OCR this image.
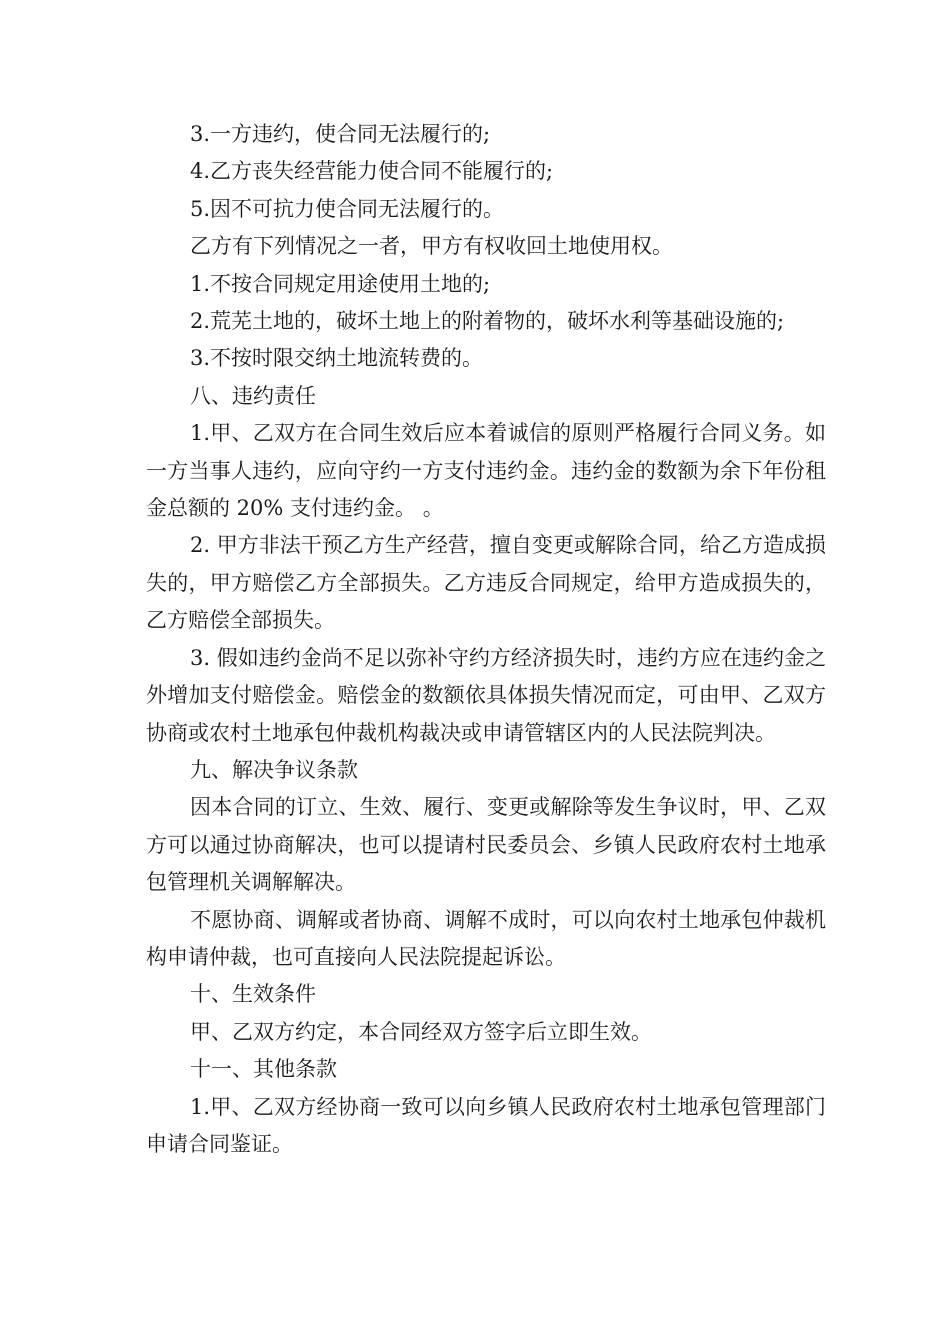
3.一方违约，使合同无法履行的;

4.乙方丧失经营能力使合同不能履行的;

5.因不可抗力使合同无法履行的。

乙方有下列情况之一者，甲方有权收回土地使用权。

1.不按合同规定用途使用土地的;

2.荒芜土地的，破坏土地上的附着物的，破坏水利等基础设施的;

3.不按时限交纳土地流转费的。

八、违约责任

1.甲、乙双方在合同生效后应本着诚信的原则严格履行合同义务。如一方当事人违约，应向守约一方支付违约金。违约金的数额为余下年份租金总额的 20% 支付违约金。 。

2. 甲方非法干预乙方生产经营，擅自变更或解除合同，给乙方造成损失的，甲方赔偿乙方全部损失。乙方违反合同规定，给甲方造成损失的，乙方赔偿全部损失。

3. 假如违约金尚不足以弥补守约方经济损失时，违约方应在违约金之外增加支付赔偿金。赔偿金的数额依具体损失情况而定，可由甲、乙双方协商或农村土地承包仲裁机构裁决或申请管辖区内的人民法院判决。

九、解决争议条款

因本合同的订立、生效、履行、变更或解除等发生争议时，甲、乙双方可以通过协商解决，也可以提请村民委员会、乡镇人民政府农村土地承包管理机关调解解决。

不愿协商、调解或者协商、调解不成时，可以向农村土地承包仲裁机构申请仲裁，也可直接向人民法院提起诉讼。

十、生效条件

甲、乙双方约定，本合同经双方签字后立即生效。

十一、其他条款

1.甲、乙双方经协商一致可以向乡镇人民政府农村土地承包管理部门申请合同鉴证。
